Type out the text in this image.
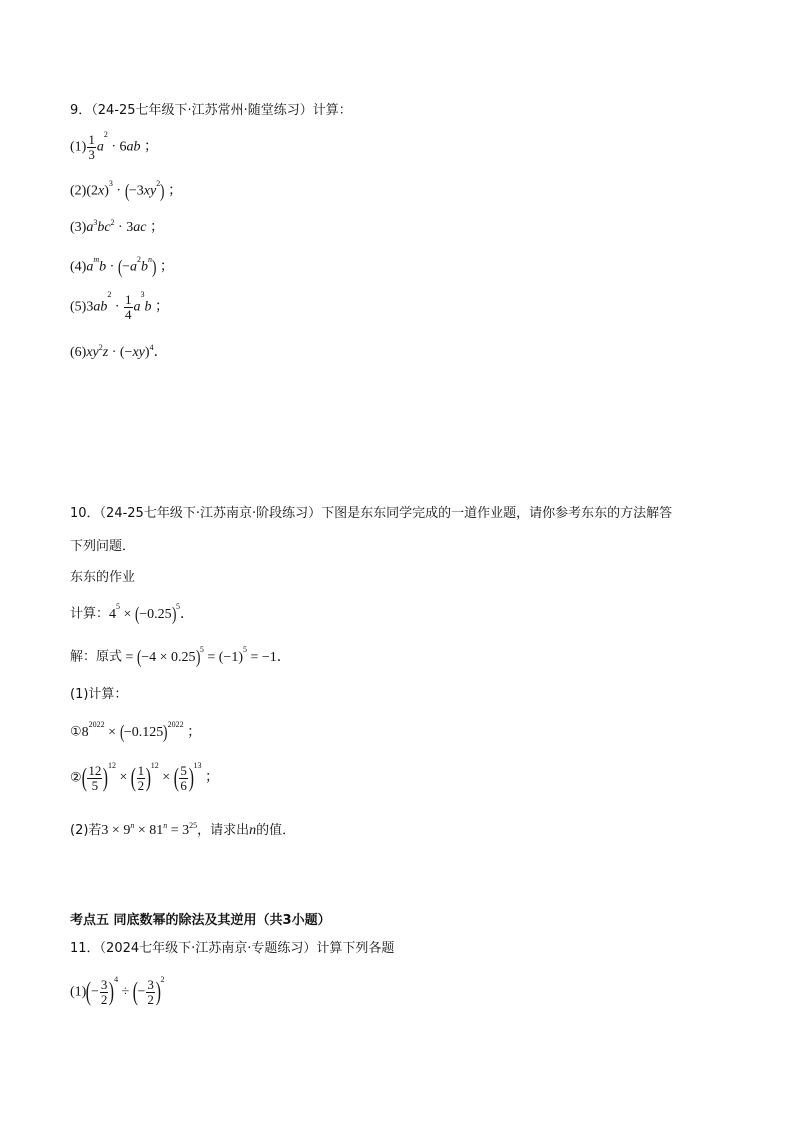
9．（24-25七年级下·江苏常州·随堂练习）计算：
$(1) \frac{1}{3} a^2 \cdot 6ab$ ；
$(2)(2x)^3 \cdot (-3xy^2)$ ；
$(3)a^3bc^2 \cdot 3ac$ ；
$(4)a^mb \cdot (-a^2b^n)$ ；
$(5)3ab^2 \cdot \frac{1}{4} a^3b$ ；
$(6)xy^2z \cdot (-xy)^4$．
10．（24-25七年级下·江苏南京·阶段练习）下图是东东同学完成的一道作业题，请你参考东东的方法解答
下列问题．
东东的作业
计算：$4^5 \times (-0.25)^5$．
解：原式 = $(-4 \times 0.25)^5 = (-1)^5 = -1$．
(1)计算：
$①8^{2022} \times (-0.125)^{2022}$ ；
②( $\frac{12}{5} )^{12}$ × ( $\frac{1}{2} )^{12}$ × ( $\frac{5}{6} )^{13}$ ；
(2)若$3 \times 9^n \times 81^n = 3^{25}$，请求出n的值．
考点五 同底数幂的除法及其逆用（共3小题）
11．（2024七年级下·江苏南京·专题练习）计算下列各题
$(1)(- \frac{3}{2} )^4$ ÷ (− $\frac{3}{2} )^2$
